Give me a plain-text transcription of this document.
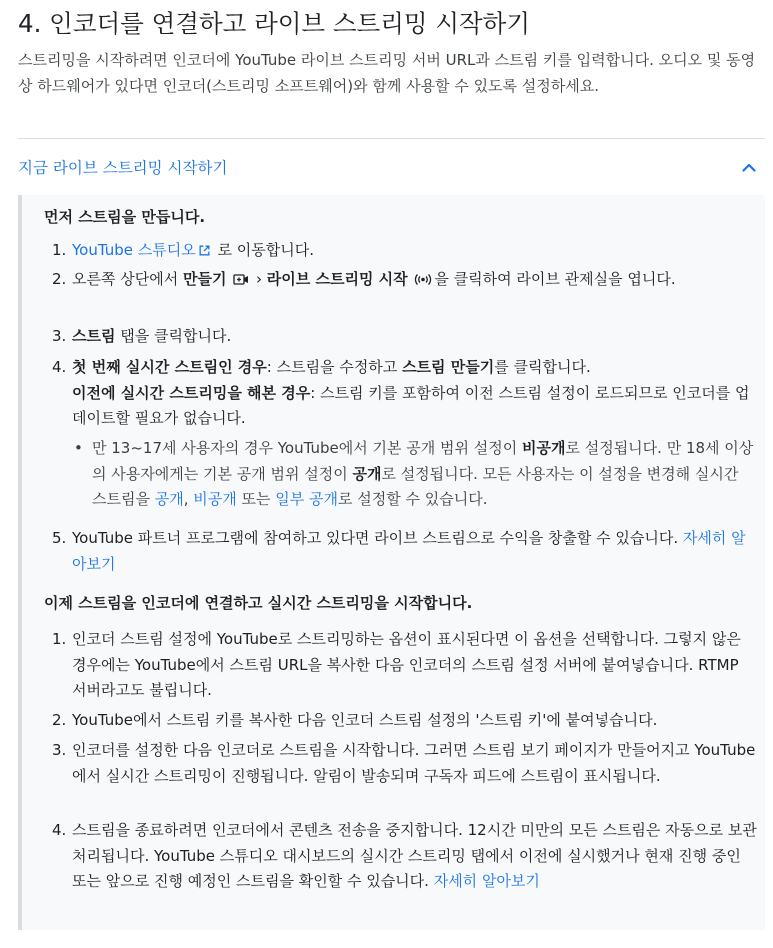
4. 인코더를 연결하고 라이브 스트리밍 시작하기

스트리밍을 시작하려면 인코더에 YouTube 라이브 스트리밍 서버 URL과 스트림 키를 입력합니다. 오디오 및 동영상 하드웨어가 있다면 인코더(스트리밍 소프트웨어)와 함께 사용할 수 있도록 설정하세요.

지금 라이브 스트리밍 시작하기
먼저 스트림을 만듭니다.
1. YouTube 스튜디오 로 이동합니다.
2. 오른쪽 상단에서 만들기  › 라이브 스트리밍 시작 을 클릭하여 라이브 관제실을 엽니다.
3. 스트림 탭을 클릭합니다.
4. 첫 번째 실시간 스트림인 경우: 스트림을 수정하고 스트림 만들기를 클릭합니다.
이전에 실시간 스트리밍을 해본 경우: 스트림 키를 포함하여 이전 스트림 설정이 로드되므로 인코더를 업데이트할 필요가 없습니다.
• 만 13~17세 사용자의 경우 YouTube에서 기본 공개 범위 설정이 비공개로 설정됩니다. 만 18세 이상의 사용자에게는 기본 공개 범위 설정이 공개로 설정됩니다. 모든 사용자는 이 설정을 변경해 실시간 스트림을 공개, 비공개 또는 일부 공개로 설정할 수 있습니다.
5. YouTube 파트너 프로그램에 참여하고 있다면 라이브 스트림으로 수익을 창출할 수 있습니다. 자세히 알아보기
이제 스트림을 인코더에 연결하고 실시간 스트리밍을 시작합니다.
1. 인코더 스트림 설정에 YouTube로 스트리밍하는 옵션이 표시된다면 이 옵션을 선택합니다. 그렇지 않은 경우에는 YouTube에서 스트림 URL을 복사한 다음 인코더의 스트림 설정 서버에 붙여넣습니다. RTMP 서버라고도 불립니다.
2. YouTube에서 스트림 키를 복사한 다음 인코더 스트림 설정의 '스트림 키'에 붙여넣습니다.
3. 인코더를 설정한 다음 인코더로 스트림을 시작합니다. 그러면 스트림 보기 페이지가 만들어지고 YouTube에서 실시간 스트리밍이 진행됩니다. 알림이 발송되며 구독자 피드에 스트림이 표시됩니다.
4. 스트림을 종료하려면 인코더에서 콘텐츠 전송을 중지합니다. 12시간 미만의 모든 스트림은 자동으로 보관처리됩니다. YouTube 스튜디오 대시보드의 실시간 스트리밍 탭에서 이전에 실시했거나 현재 진행 중인 또는 앞으로 진행 예정인 스트림을 확인할 수 있습니다. 자세히 알아보기
